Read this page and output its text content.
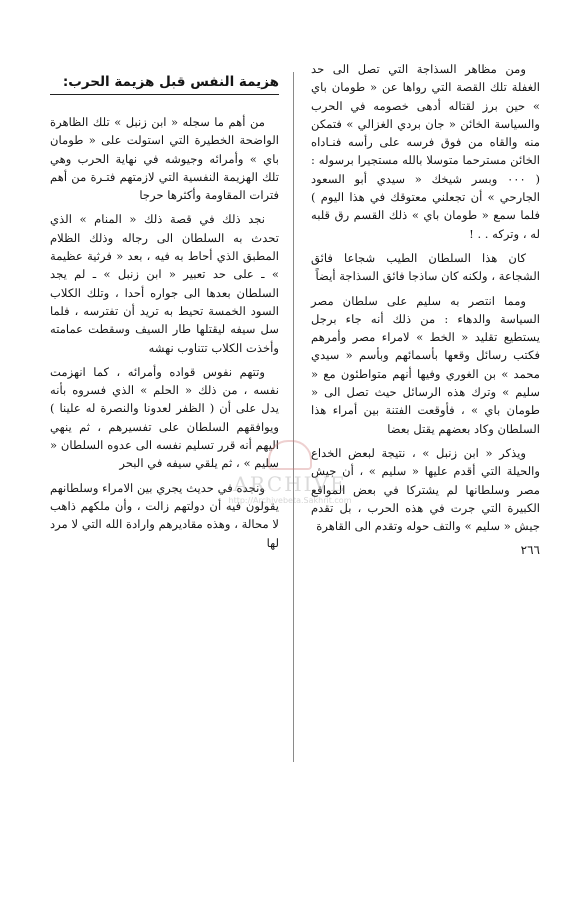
ومن مظاهر السذاجة التي تصل الى حد الغفلة تلك القصة التي رواها عن « طومان باي » حين برز لقتاله أدهى خصومه في الحرب والسياسة الخائن « جان بردي الغزالي » فتمكن منه والقاه من فوق فرسه على رأسه فنـاداه الخائن مسترحما متوسلا بالله مستجيرا برسوله : ( ٠٠٠ وبسر شيخك « سيدي أبو السعود الجارحي » أن تجعلني معتوقك في هذا اليوم ) فلما سمع « طومان باي » ذلك القسم رق قلبه له ، وتركه . . !

كان هذا السلطان الطيب شجاعا فائق الشجاعة ، ولكنه كان ساذجا فائق السذاجة أيضاً

ومما انتصر به سليم على سلطان مصر السياسة والدهاء : من ذلك أنه جاء برجل يستطيع تقليد « الخط » لامراء مصر وأمرهم فكتب رسائل وقعها بأسمائهم وبأسم « سيدي محمد » بن الغوري وفيها أنهم متواطئون مع « سليم » وترك هذه الرسائل حيث تصل الى « طومان باي » ، فأوقعت الفتنة بين أمراء هذا السلطان وكاد بعضهم يقتل بعضا

ويذكر « ابن زنبل » ، نتيجة لبعض الخداع والحيلة التي أقدم عليها « سليم » ، أن جيش مصر وسلطانها لم يشتركا في بعض المواقع الكبيرة التي جرت في هذه الحرب ، بل تقدم جيش « سليم » والتف حوله وتقدم الى القاهرة

٢٦٦
هزيمة النفس قبل هزيمة الحرب:

من أهم ما سجله « ابن زنبل » تلك الظاهرة الواضحة الخطيرة التي استولت على « طومان باي » وأمرائه وجيوشه في نهاية الحرب وهي تلك الهزيمة النفسية التي لازمتهم فتـرة من أهم فترات المقاومة وأكثرها حرجا

نجد ذلك في قصة ذلك « المنام » الذي تحدث به السلطان الى رجاله وذلك الظلام المطبق الذي أحاط به فيه ، بعد « فرثية عظيمة » ـ على حد تعبير « ابن زنبل » ـ لم يجد السلطان بعدها الى جواره أحدا ، وتلك الكلاب السود الخمسة تحيط به تريد أن تفترسه ، فلما سل سيفه ليقتلها طار السيف وسقطت عمامته وأخذت الكلاب تتناوب نهشه

وتتهم نفوس قواده وأمرائه ، كما انهزمت نفسه ، من ذلك « الحلم » الذي فسروه بأنه يدل على أن ( الظفر لعدونا والنصرة له علينا ) ويوافقهم السلطان على تفسيرهم ، ثم ينهي اليهم أنه قرر تسليم نفسه الى عدوه السلطان « سليم » ، ثم يلقي سيفه في البحر

ونجده في حديث يجري بين الامراء وسلطانهم يقولون فيه أن دولتهم زالت ، وأن ملكهم ذاهب لا محالة ، وهذه مقاديرهم وارادة الله التي لا مرد لها

ARCHIVE
http://Archivebeta.Sakhrit.com
